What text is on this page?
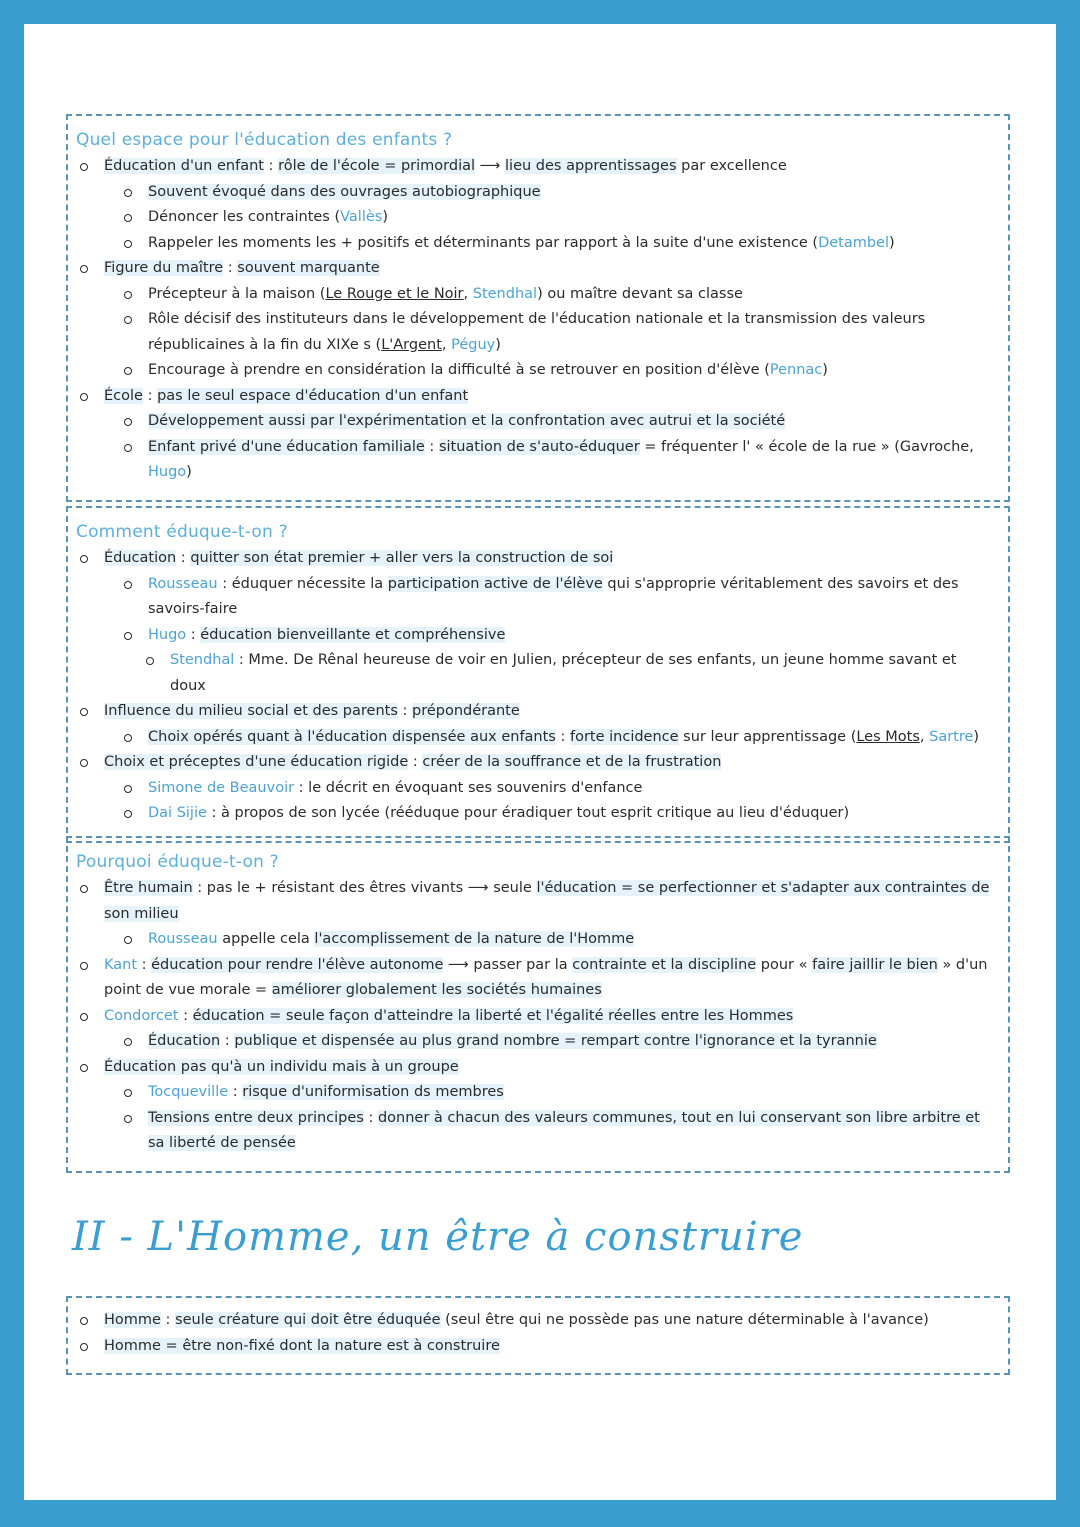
Quel espace pour l'éducation des enfants ?
Éducation d'un enfant : rôle de l'école = primordial ⟶ lieu des apprentissages par excellence
Souvent évoqué dans des ouvrages autobiographique
Dénoncer les contraintes (Vallès)
Rappeler les moments les + positifs et déterminants par rapport à la suite d'une existence (Detambel)
Figure du maître : souvent marquante
Précepteur à la maison (Le Rouge et le Noir, Stendhal) ou maître devant sa classe
Rôle décisif des instituteurs dans le développement de l'éducation nationale et la transmission des valeurs républicaines à la fin du XIXe s (L'Argent, Péguy)
Encourage à prendre en considération la difficulté à se retrouver en position d'élève (Pennac)
École : pas le seul espace d'éducation d'un enfant
Développement aussi par l'expérimentation et la confrontation avec autrui et la société
Enfant privé d'une éducation familiale : situation de s'auto-éduquer = fréquenter l' « école de la rue » (Gavroche, Hugo)
Comment éduque-t-on ?
Éducation : quitter son état premier + aller vers la construction de soi
Rousseau : éduquer nécessite la participation active de l'élève qui s'approprie véritablement des savoirs et des savoirs-faire
Hugo : éducation bienveillante et compréhensive
Stendhal : Mme. De Rênal heureuse de voir en Julien, précepteur de ses enfants, un jeune homme savant et doux
Influence du milieu social et des parents : prépondérante
Choix opérés quant à l'éducation dispensée aux enfants : forte incidence sur leur apprentissage (Les Mots, Sartre)
Choix et préceptes d'une éducation rigide : créer de la souffrance et de la frustration
Simone de Beauvoir : le décrit en évoquant ses souvenirs d'enfance
Dai Sijie : à propos de son lycée (rééduque pour éradiquer tout esprit critique au lieu d'éduquer)
Pourquoi éduque-t-on ?
Être humain : pas le + résistant des êtres vivants ⟶ seule l'éducation = se perfectionner et s'adapter aux contraintes de son milieu
Rousseau appelle cela l'accomplissement de la nature de l'Homme
Kant : éducation pour rendre l'élève autonome ⟶ passer par la contrainte et la discipline pour « faire jaillir le bien » d'un point de vue morale = améliorer globalement les sociétés humaines
Condorcet : éducation = seule façon d'atteindre la liberté et l'égalité réelles entre les Hommes
Éducation : publique et dispensée au plus grand nombre = rempart contre l'ignorance et la tyrannie
Éducation pas qu'à un individu mais à un groupe
Tocqueville : risque d'uniformisation ds membres
Tensions entre deux principes : donner à chacun des valeurs communes, tout en lui conservant son libre arbitre et sa liberté de pensée
II - L'Homme, un être à construire
Homme : seule créature qui doit être éduquée (seul être qui ne possède pas une nature déterminable à l'avance)
Homme = être non-fixé dont la nature est à construire
